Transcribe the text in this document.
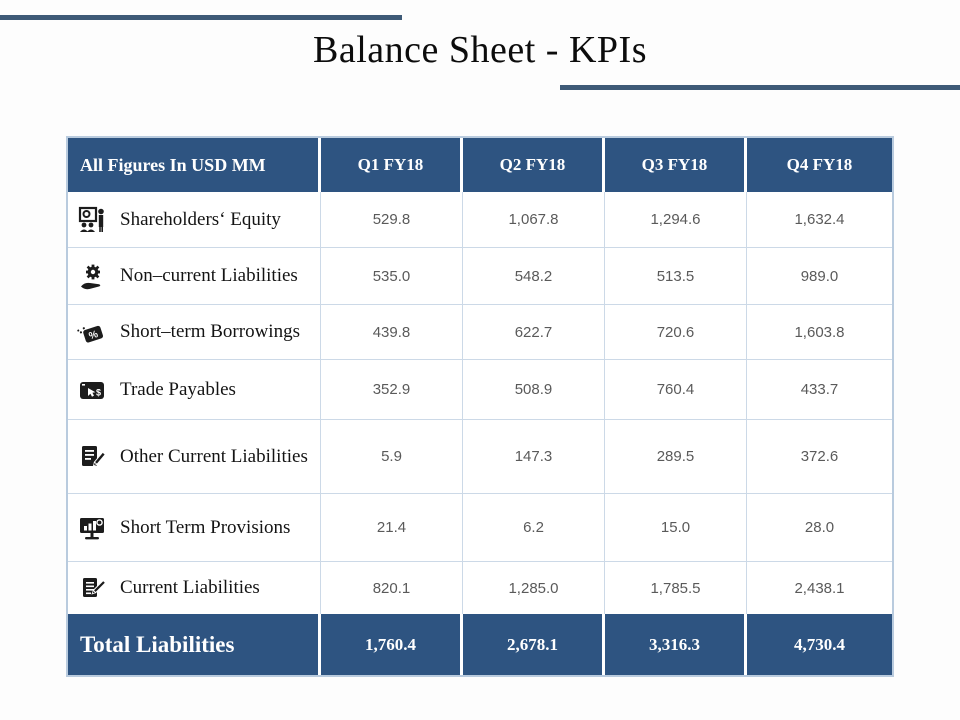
Balance Sheet - KPIs
All Figures In USD MM	Q1 FY18	Q2 FY18	Q3 FY18	Q4 FY18
Shareholders‘ Equity	529.8	1,067.8	1,294.6	1,632.4
Non–current Liabilities	535.0	548.2	513.5	989.0
% Short–term Borrowings	439.8	622.7	720.6	1,603.8
$ Trade Payables	352.9	508.9	760.4	433.7
Other Current Liabilities	5.9	147.3	289.5	372.6
Short Term Provisions	21.4	6.2	15.0	28.0
Current Liabilities	820.1	1,285.0	1,785.5	2,438.1
Total Liabilities	1,760.4	2,678.1	3,316.3	4,730.4
